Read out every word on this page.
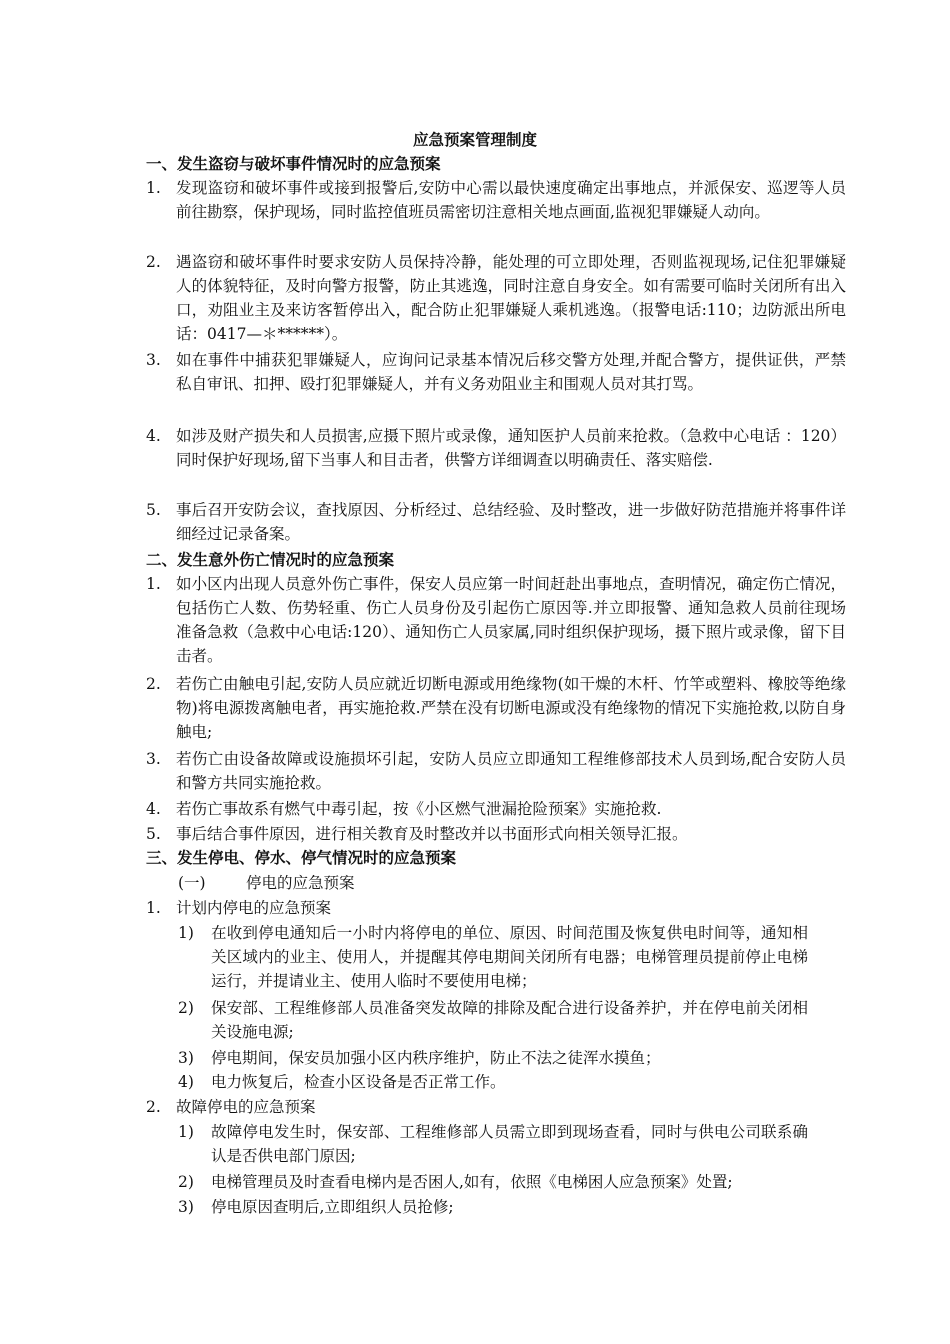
应急预案管理制度
一、发生盗窃与破坏事件情况时的应急预案
1. 发现盗窃和破坏事件或接到报警后,安防中心需以最快速度确定出事地点，并派保安、巡逻等人员前往勘察，保护现场，同时监控值班员需密切注意相关地点画面,监视犯罪嫌疑人动向。
2. 遇盗窃和破坏事件时要求安防人员保持冷静，能处理的可立即处理，否则监视现场,记住犯罪嫌疑人的体貌特征，及时向警方报警，防止其逃逸，同时注意自身安全。如有需要可临时关闭所有出入口，劝阻业主及来访客暂停出入，配合防止犯罪嫌疑人乘机逃逸。（报警电话:110；边防派出所电话：0417—＊******）。
3. 如在事件中捕获犯罪嫌疑人，应询问记录基本情况后移交警方处理,并配合警方，提供证供，严禁私自审讯、扣押、殴打犯罪嫌疑人，并有义务劝阻业主和围观人员对其打骂。
4. 如涉及财产损失和人员损害,应摄下照片或录像，通知医护人员前来抢救。（急救中心电话 ：120）同时保护好现场,留下当事人和目击者，供警方详细调查以明确责任、落实赔偿.
5. 事后召开安防会议，查找原因、分析经过、总结经验、及时整改，进一步做好防范措施并将事件详细经过记录备案。
二、发生意外伤亡情况时的应急预案
1. 如小区内出现人员意外伤亡事件，保安人员应第一时间赶赴出事地点，查明情况，确定伤亡情况，包括伤亡人数、伤势轻重、伤亡人员身份及引起伤亡原因等.并立即报警、通知急救人员前往现场准备急救（急救中心电话:120）、通知伤亡人员家属,同时组织保护现场，摄下照片或录像，留下目击者。
2. 若伤亡由触电引起,安防人员应就近切断电源或用绝缘物(如干燥的木杆、竹竿或塑料、橡胶等绝缘物)将电源拨离触电者，再实施抢救.严禁在没有切断电源或没有绝缘物的情况下实施抢救,以防自身触电;
3. 若伤亡由设备故障或设施损坏引起，安防人员应立即通知工程维修部技术人员到场,配合安防人员和警方共同实施抢救。
4. 若伤亡事故系有燃气中毒引起，按《小区燃气泄漏抢险预案》实施抢救.
5. 事后结合事件原因，进行相关教育及时整改并以书面形式向相关领导汇报。
三、发生停电、停水、停气情况时的应急预案
(一)	停电的应急预案
1. 计划内停电的应急预案
1) 在收到停电通知后一小时内将停电的单位、原因、时间范围及恢复供电时间等，通知相关区域内的业主、使用人，并提醒其停电期间关闭所有电器；电梯管理员提前停止电梯运行，并提请业主、使用人临时不要使用电梯；
2) 保安部、工程维修部人员准备突发故障的排除及配合进行设备养护，并在停电前关闭相关设施电源;
3) 停电期间，保安员加强小区内秩序维护，防止不法之徒浑水摸鱼；
4) 电力恢复后，检查小区设备是否正常工作。
2. 故障停电的应急预案
1) 故障停电发生时，保安部、工程维修部人员需立即到现场查看，同时与供电公司联系确认是否供电部门原因;
2) 电梯管理员及时查看电梯内是否困人,如有，依照《电梯困人应急预案》处置;
3) 停电原因查明后,立即组织人员抢修;
